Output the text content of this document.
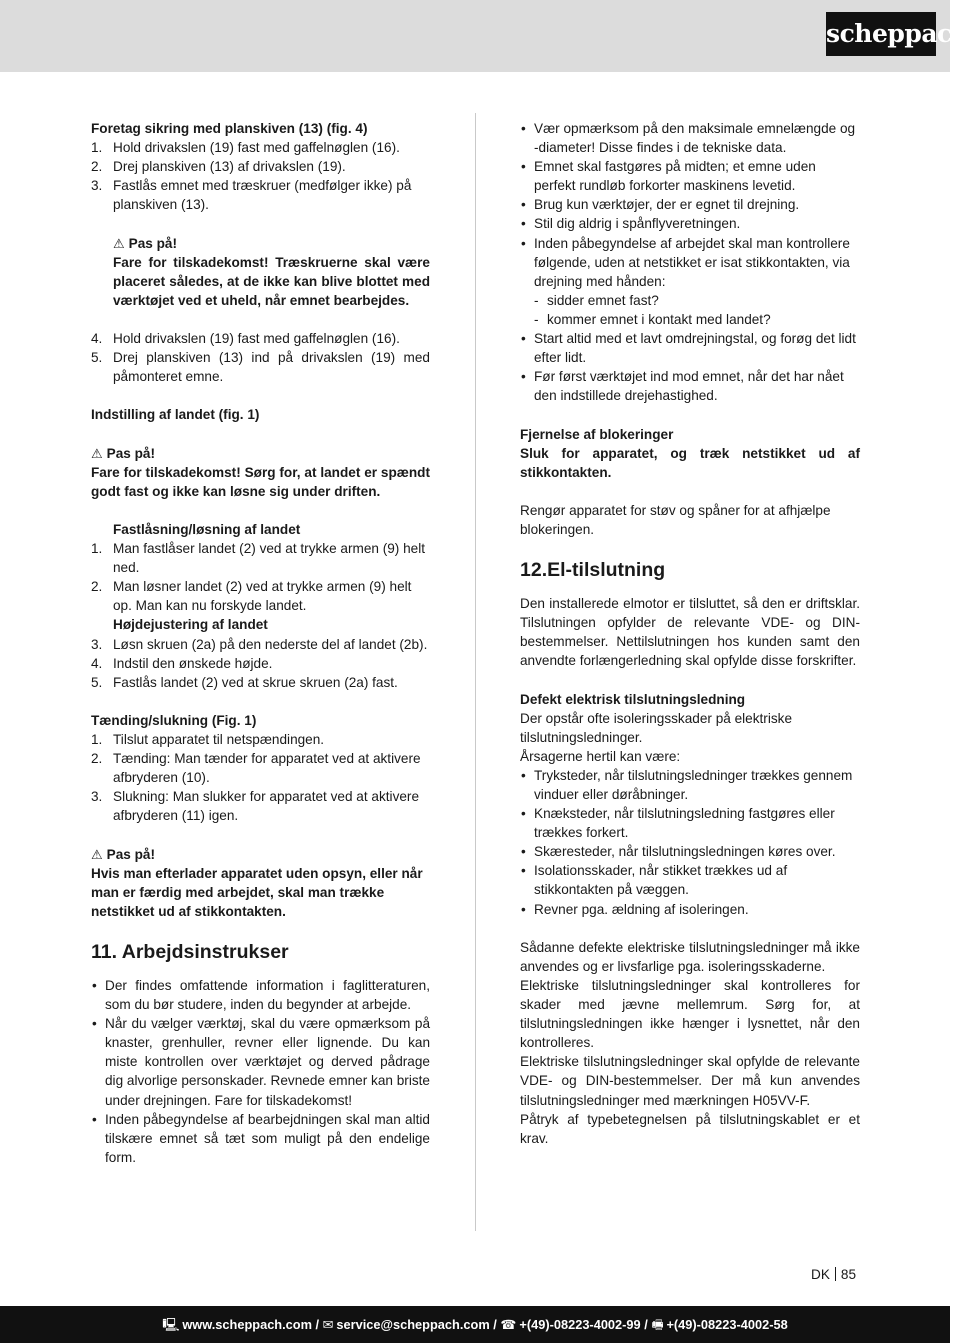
scheppach
Foretag sikring med planskiven (13) (fig. 4)
1. Hold drivakslen (19) fast med gaffelnøglen (16).
2. Drej planskiven (13) af drivakslen (19).
3. Fastlås emnet med træskruer (medfølger ikke) på planskiven (13).
⚠ Pas på!
Fare for tilskadekomst! Træskruerne skal være placeret således, at de ikke kan blive blottet med værktøjet ved et uheld, når emnet bearbejdes.
4. Hold drivakslen (19) fast med gaffelnøglen (16).
5. Drej planskiven (13) ind på drivakslen (19) med påmonteret emne.
Indstilling af landet (fig. 1)
⚠ Pas på!
Fare for tilskadekomst! Sørg for, at landet er spændt godt fast og ikke kan løsne sig under driften.
Fastlåsning/løsning af landet
1. Man fastlåser landet (2) ved at trykke armen (9) helt ned.
2. Man løsner landet (2) ved at trykke armen (9) helt op. Man kan nu forskyde landet.
Højdejustering af landet
3. Løsn skruen (2a) på den nederste del af landet (2b).
4. Indstil den ønskede højde.
5. Fastlås landet (2) ved at skrue skruen (2a) fast.
Tænding/slukning (Fig. 1)
1. Tilslut apparatet til netspændingen.
2. Tænding: Man tænder for apparatet ved at aktivere afbryderen (10).
3. Slukning: Man slukker for apparatet ved at aktivere afbryderen (11) igen.
⚠ Pas på!
Hvis man efterlader apparatet uden opsyn, eller når man er færdig med arbejdet, skal man trække netstikket ud af stikkontakten.
11. Arbejdsinstrukser
• Der findes omfattende information i faglitteraturen, som du bør studere, inden du begynder at arbejde.
• Når du vælger værktøj, skal du være opmærksom på knaster, grenhuller, revner eller lignende. Du kan miste kontrollen over værktøjet og derved pådrage dig alvorlige personskader. Revnede emner kan briste under drejningen. Fare for tilskadekomst!
• Inden påbegyndelse af bearbejdningen skal man altid tilskære emnet så tæt som muligt på den endelige form.
• Vær opmærksom på den maksimale emnelængde og -diameter! Disse findes i de tekniske data.
• Emnet skal fastgøres på midten; et emne uden perfekt rundløb forkorter maskinens levetid.
• Brug kun værktøjer, der er egnet til drejning.
• Stil dig aldrig i spånflyveretningen.
• Inden påbegyndelse af arbejdet skal man kontrollere følgende, uden at netstikket er isat stikkontakten, via drejning med hånden:
- sidder emnet fast?
- kommer emnet i kontakt med landet?
• Start altid med et lavt omdrejningstal, og forøg det lidt efter lidt.
• Før først værktøjet ind mod emnet, når det har nået den indstillede drejehastighed.
Fjernelse af blokeringer
Sluk for apparatet, og træk netstikket ud af stikkontakten.
Rengør apparatet for støv og spåner for at afhjælpe blokeringen.
12.El-tilslutning
Den installerede elmotor er tilsluttet, så den er driftsklar. Tilslutningen opfylder de relevante VDE- og DIN-bestemmelser. Nettilslutningen hos kunden samt den anvendte forlængerledning skal opfylde disse forskrifter.
Defekt elektrisk tilslutningsledning
Der opstår ofte isoleringsskader på elektriske tilslutningsledninger.
Årsagerne hertil kan være:
• Tryksteder, når tilslutningsledninger trækkes gennem vinduer eller døråbninger.
• Knæksteder, når tilslutningsledning fastgøres eller trækkes forkert.
• Skæresteder, når tilslutningsledningen køres over.
• Isolationsskader, når stikket trækkes ud af stikkontakten på væggen.
• Revner pga. ældning af isoleringen.
Sådanne defekte elektriske tilslutningsledninger må ikke anvendes og er livsfarlige pga. isoleringsskaderne.
Elektriske tilslutningsledninger skal kontrolleres for skader med jævne mellemrum. Sørg for, at tilslutningsledningen ikke hænger i lysnettet, når den kontrolleres.
Elektriske tilslutningsledninger skal opfylde de relevante VDE- og DIN-bestemmelser. Der må kun anvendes tilslutningsledninger med mærkningen H05VV-F.
Påtryk af typebetegnelsen på tilslutningskablet er et krav.
DK 85
🖳 www.scheppach.com / ✉ service@scheppach.com / ☎ +(49)-08223-4002-99 / 🖷 +(49)-08223-4002-58
